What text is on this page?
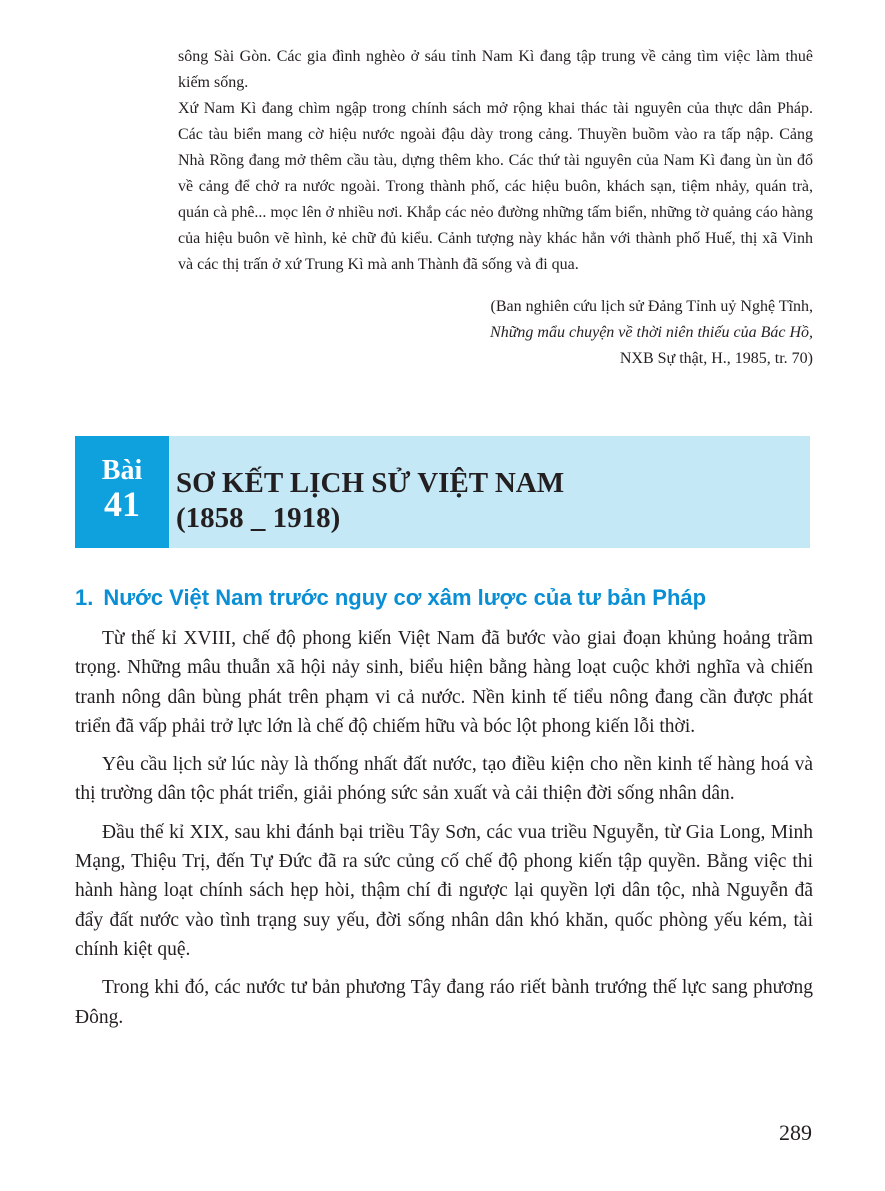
sông Sài Gòn. Các gia đình nghèo ở sáu tỉnh Nam Kì đang tập trung về cảng tìm việc làm thuê kiếm sống.

Xứ Nam Kì đang chìm ngập trong chính sách mở rộng khai thác tài nguyên của thực dân Pháp. Các tàu biển mang cờ hiệu nước ngoài đậu dày trong cảng. Thuyền buồm vào ra tấp nập. Cảng Nhà Rồng đang mở thêm cầu tàu, dựng thêm kho. Các thứ tài nguyên của Nam Kì đang ùn ùn đổ về cảng để chở ra nước ngoài. Trong thành phố, các hiệu buôn, khách sạn, tiệm nhảy, quán trà, quán cà phê... mọc lên ở nhiều nơi. Khắp các nẻo đường những tấm biển, những tờ quảng cáo hàng của hiệu buôn vẽ hình, kẻ chữ đủ kiểu. Cảnh tượng này khác hẳn với thành phố Huế, thị xã Vinh và các thị trấn ở xứ Trung Kì mà anh Thành đã sống và đi qua.

(Ban nghiên cứu lịch sử Đảng Tỉnh uỷ Nghệ Tĩnh,
Những mẩu chuyện về thời niên thiếu của Bác Hồ,
NXB Sự thật, H., 1985, tr. 70)
Bài
41
SƠ KẾT LỊCH SỬ VIỆT NAM
(1858 _ 1918)
1. Nước Việt Nam trước nguy cơ xâm lược của tư bản Pháp

Từ thế kỉ XVIII, chế độ phong kiến Việt Nam đã bước vào giai đoạn khủng hoảng trầm trọng. Những mâu thuẫn xã hội nảy sinh, biểu hiện bằng hàng loạt cuộc khởi nghĩa và chiến tranh nông dân bùng phát trên phạm vi cả nước. Nền kinh tế tiểu nông đang cần được phát triển đã vấp phải trở lực lớn là chế độ chiếm hữu và bóc lột phong kiến lỗi thời.

Yêu cầu lịch sử lúc này là thống nhất đất nước, tạo điều kiện cho nền kinh tế hàng hoá và thị trường dân tộc phát triển, giải phóng sức sản xuất và cải thiện đời sống nhân dân.

Đầu thế kỉ XIX, sau khi đánh bại triều Tây Sơn, các vua triều Nguyễn, từ Gia Long, Minh Mạng, Thiệu Trị, đến Tự Đức đã ra sức củng cố chế độ phong kiến tập quyền. Bằng việc thi hành hàng loạt chính sách hẹp hòi, thậm chí đi ngược lại quyền lợi dân tộc, nhà Nguyễn đã đẩy đất nước vào tình trạng suy yếu, đời sống nhân dân khó khăn, quốc phòng yếu kém, tài chính kiệt quệ.

Trong khi đó, các nước tư bản phương Tây đang ráo riết bành trướng thế lực sang phương Đông.

289
